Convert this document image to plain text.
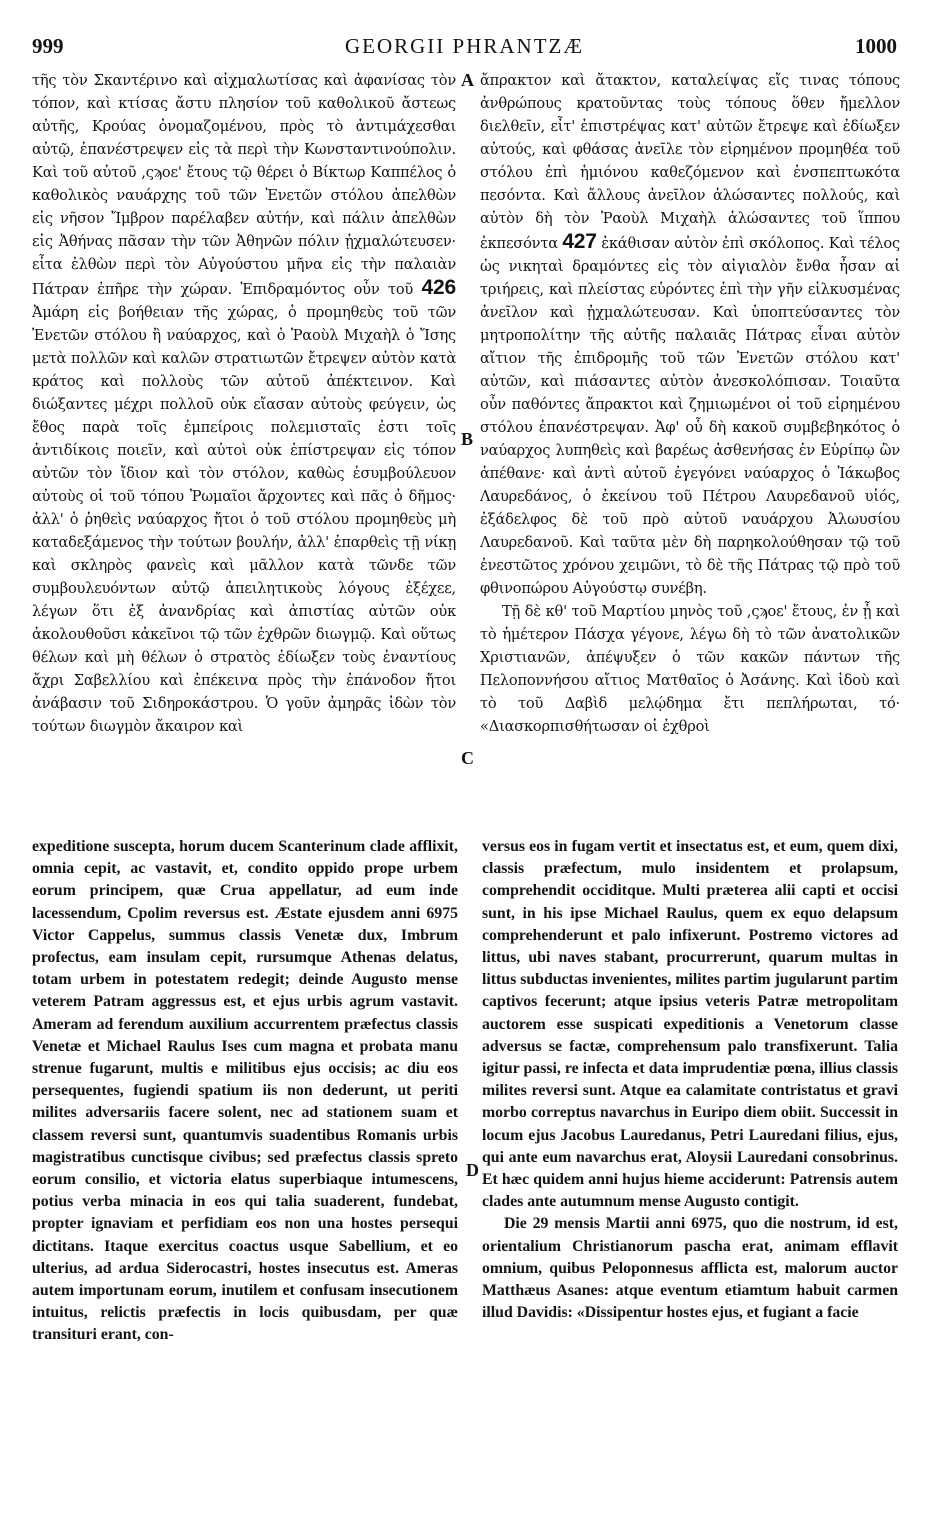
999	GEORGII PHRANTZÆ	1000

τῆς τὸν Σκαντέρινο καὶ αἰχμαλωτίσας καὶ ἀφανίσας τὸν τόπον, καὶ κτίσας ἄστυ πλησίον τοῦ καθολικοῦ ἄστεως αὐτῆς, Κρούας ὀνομαζομένου, πρὸς τὸ ἀντιμάχεσθαι αὐτῷ, ἐπανέστρεψεν εἰς τὰ περὶ τὴν Κωνσταντινούπολιν. Καὶ τοῦ αὐτοῦ ,ςϡοε' ἔτους τῷ θέρει ὁ Βίκτωρ Καππέλος ὁ καθολικὸς ναυάρχης τοῦ τῶν Ἐνετῶν στόλου ἀπελθὼν εἰς νῆσον Ἴμβρον παρέλαβεν αὐτήν, καὶ πάλιν ἀπελθὼν εἰς Ἀθήνας πᾶσαν τὴν τῶν Ἀθηνῶν πόλιν ᾐχμαλώτευσεν· εἶτα ἐλθὼν περὶ τὸν Αὐγούστου μῆνα εἰς τὴν παλαιὰν Πάτραν ἐπῆρε τὴν χώραν. Ἐπιδραμόντος οὖν τοῦ 426 Ἀμάρη εἰς βοήθειαν τῆς χώρας, ὁ προμηθεὺς τοῦ τῶν Ἐνετῶν στόλου ἢ ναύαρχος, καὶ ὁ Ῥαοὺλ Μιχαὴλ ὁ Ἴσης μετὰ πολλῶν καὶ καλῶν στρατιωτῶν ἔτρεψεν αὐτὸν κατὰ κράτος καὶ πολλοὺς τῶν αὐτοῦ ἀπέκτεινον. Καὶ διώξαντες μέχρι πολλοῦ οὐκ εἴασαν αὐτοὺς φεύγειν, ὡς ἔθος παρὰ τοῖς ἐμπείροις πολεμισταῖς ἐστι τοῖς ἀντιδίκοις ποιεῖν, καὶ αὐτοὶ οὐκ ἐπίστρεψαν εἰς τόπον αὐτῶν τὸν ἴδιον καὶ τὸν στόλον, καθὼς ἐσυμβούλευον αὐτοὺς οἱ τοῦ τόπου Ῥωμαῖοι ἄρχοντες καὶ πᾶς ὁ δῆμος· ἀλλ' ὁ ῥηθεὶς ναύαρχος ἤτοι ὁ τοῦ στόλου προμηθεὺς μὴ καταδεξάμενος τὴν τούτων βουλήν, ἀλλ' ἐπαρθεὶς τῇ νίκῃ καὶ σκληρὸς φανεὶς καὶ μᾶλλον κατὰ τῶνδε τῶν συμβουλευόντων αὐτῷ ἀπειλητικοὺς λόγους ἐξέχεε, λέγων ὅτι ἐξ ἀνανδρίας καὶ ἀπιστίας αὐτῶν οὐκ ἀκολουθοῦσι κἀκεῖνοι τῷ τῶν ἐχθρῶν διωγμῷ. Καὶ οὕτως θέλων καὶ μὴ θέλων ὁ στρατὸς ἐδίωξεν τοὺς ἐναντίους ἄχρι Σαβελλίου καὶ ἐπέκεινα πρὸς τὴν ἐπάνοδον ἤτοι ἀνάβασιν τοῦ Σιδηροκάστρου. Ὁ γοῦν ἀμηρᾶς ἰδὼν τὸν τούτων διωγμὸν ἄκαιρον καὶ

ἄπρακτον καὶ ἄτακτον, καταλείψας εἴς τινας τόπους ἀνθρώπους κρατοῦντας τοὺς τόπους ὅθεν ἤμελλον διελθεῖν, εἶτ' ἐπιστρέψας κατ' αὐτῶν ἔτρεψε καὶ ἐδίωξεν αὐτούς, καὶ φθάσας ἀνεῖλε τὸν εἰρημένον προμηθέα τοῦ στόλου ἐπὶ ἡμιόνου καθεζόμενον καὶ ἐνσπεπτωκότα πεσόντα. Καὶ ἄλλους ἀνεῖλον ἁλώσαντες πολλούς, καὶ αὐτὸν δὴ τὸν Ῥαοὺλ Μιχαὴλ ἁλώσαντες τοῦ ἵππου ἐκπεσόντα 427 ἐκάθισαν αὐτὸν ἐπὶ σκόλοπος. Καὶ τέλος ὡς νικηταὶ δραμόντες εἰς τὸν αἰγιαλὸν ἔνθα ἦσαν αἱ τριήρεις, καὶ πλείστας εὑρόντες ἐπὶ τὴν γῆν εἱλκυσμένας ἀνεῖλον καὶ ᾐχμαλώτευσαν. Καὶ ὑποπτεύσαντες τὸν μητροπολίτην τῆς αὐτῆς παλαιᾶς Πάτρας εἶναι αὐτὸν αἴτιον τῆς ἐπιδρομῆς τοῦ τῶν Ἐνετῶν στόλου κατ' αὐτῶν, καὶ πιάσαντες αὐτὸν ἀνεσκολόπισαν. Τοιαῦτα οὖν παθόντες ἄπρακτοι καὶ ζημιωμένοι οἱ τοῦ εἰρημένου στόλου ἐπανέστρεψαν. Ἀφ' οὗ δὴ κακοῦ συμβεβηκότος ὁ ναύαρχος λυπηθεὶς καὶ βαρέως ἀσθενήσας ἐν Εὐρίπῳ ὢν ἀπέθανε· καὶ ἀντὶ αὐτοῦ ἐγεγόνει ναύαρχος ὁ Ἰάκωβος Λαυρεδάνος, ὁ ἐκείνου τοῦ Πέτρου Λαυρεδανοῦ υἱός, ἐξάδελφος δὲ τοῦ πρὸ αὐτοῦ ναυάρχου Ἀλωυσίου Λαυρεδανοῦ. Καὶ ταῦτα μὲν δὴ παρηκολούθησαν τῷ τοῦ ἐνεστῶτος χρόνου χειμῶνι, τὸ δὲ τῆς Πάτρας τῷ πρὸ τοῦ φθινοπώρου Αὐγούστῳ συνέβη.

Τῇ δὲ κθ' τοῦ Μαρτίου μηνὸς τοῦ ,ςϡοε' ἔτους, ἐν ᾗ καὶ τὸ ἡμέτερον Πάσχα γέγονε, λέγω δὴ τὸ τῶν ἀνατολικῶν Χριστιανῶν, ἀπέψυξεν ὁ τῶν κακῶν πάντων τῆς Πελοποννήσου αἴτιος Ματθαῖος ὁ Ἀσάνης. Καὶ ἰδοὺ καὶ τὸ τοῦ Δαβὶδ μελῴδημα ἔτι πεπλήρωται, τό· «Διασκορπισθήτωσαν οἱ ἐχθροὶ

A
B
C
D

expeditione suscepta, horum ducem Scanterinum clade afflixit, omnia cepit, ac vastavit, et, condito oppido prope urbem eorum principem, quæ Crua appellatur, ad eum inde lacessendum, Cpolim reversus est. Æstate ejusdem anni 6975 Victor Cappelus, summus classis Venetæ dux, Imbrum profectus, eam insulam cepit, rursumque Athenas delatus, totam urbem in potestatem redegit; deinde Augusto mense veterem Patram aggressus est, et ejus urbis agrum vastavit. Ameram ad ferendum auxilium accurrentem præfectus classis Venetæ et Michael Raulus Ises cum magna et probata manu strenue fugarunt, multis e militibus ejus occisis; ac diu eos persequentes, fugiendi spatium iis non dederunt, ut periti milites adversariis facere solent, nec ad stationem suam et classem reversi sunt, quantumvis suadentibus Romanis urbis magistratibus cunctisque civibus; sed præfectus classis spreto eorum consilio, et victoria elatus superbiaque intumescens, potius verba minacia in eos qui talia suaderent, fundebat, propter ignaviam et perfidiam eos non una hostes persequi dictitans. Itaque exercitus coactus usque Sabellium, et eo ulterius, ad ardua Siderocastri, hostes insecutus est. Ameras autem importunam eorum, inutilem et confusam insecutionem intuitus, relictis præfectis in locis quibusdam, per quæ transituri erant, con-

versus eos in fugam vertit et insectatus est, et eum, quem dixi, classis præfectum, mulo insidentem et prolapsum, comprehendit occiditque. Multi præterea alii capti et occisi sunt, in his ipse Michael Raulus, quem ex equo delapsum comprehenderunt et palo infixerunt. Postremo victores ad littus, ubi naves stabant, procurrerunt, quarum multas in littus subductas invenientes, milites partim jugularunt partim captivos fecerunt; atque ipsius veteris Patræ metropolitam auctorem esse suspicati expeditionis a Venetorum classe adversus se factæ, comprehensum palo transfixerunt. Talia igitur passi, re infecta et data imprudentiæ pœna, illius classis milites reversi sunt. Atque ea calamitate contristatus et gravi morbo correptus navarchus in Euripo diem obiit. Successit in locum ejus Jacobus Lauredanus, Petri Lauredani filius, ejus, qui ante eum navarchus erat, Aloysii Lauredani consobrinus. Et hæc quidem anni hujus hieme acciderunt: Patrensis autem clades ante autumnum mense Augusto contigit.

Die 29 mensis Martii anni 6975, quo die nostrum, id est, orientalium Christianorum pascha erat, animam efflavit omnium, quibus Peloponnesus afflicta est, malorum auctor Matthæus Asanes: atque eventum etiamtum habuit carmen illud Davidis: «Dissipentur hostes ejus, et fugiant a facie
